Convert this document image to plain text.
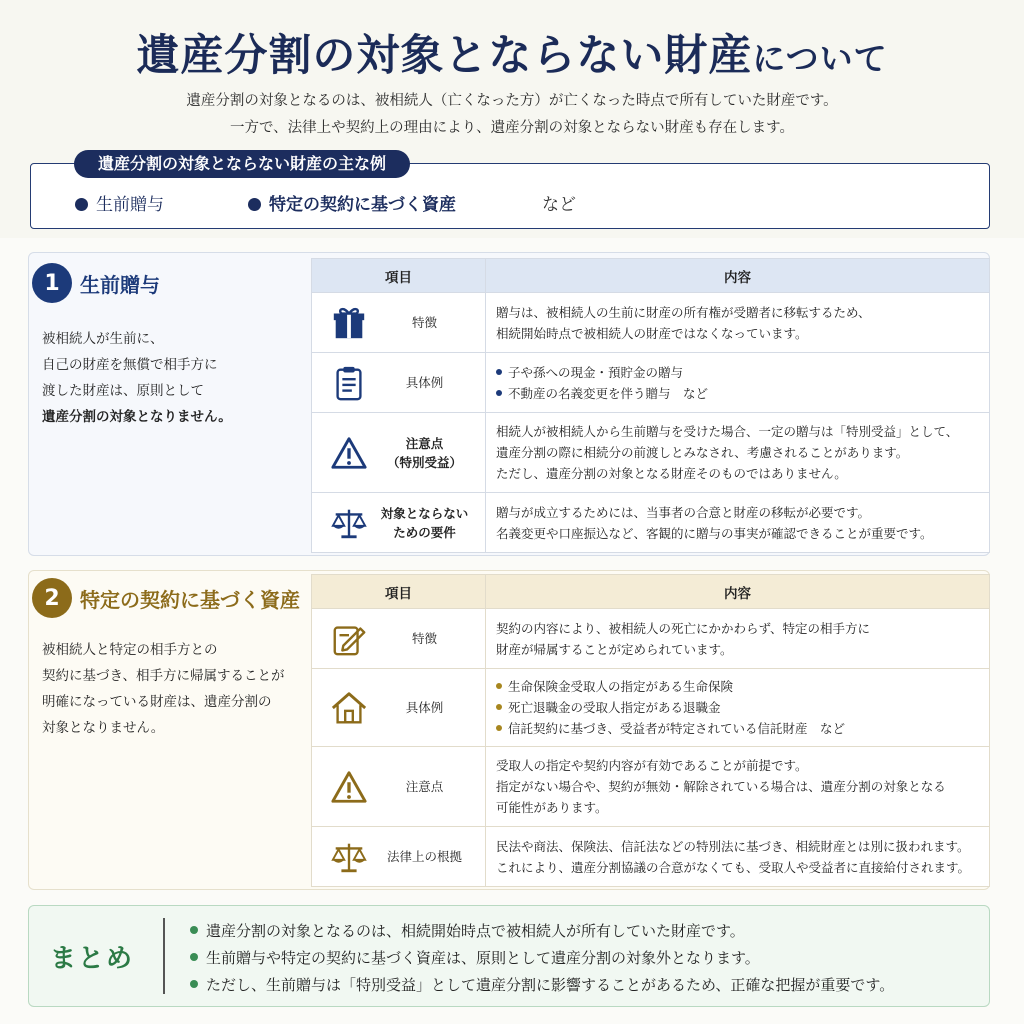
遺産分割の対象とならない財産について

遺産分割の対象となるのは、被相続人（亡くなった方）が亡くなった時点で所有していた財産です。

一方で、法律上や契約上の理由により、遺産分割の対象とならない財産も存在します。

遺産分割の対象とならない財産の主な例
生前贈与	特定の契約に基づく資産	など
1	生前贈与
被相続人が生前に、
自己の財産を無償で相手方に
渡した財産は、原則として
遺産分割の対象となりません。
項目	内容

特徴	贈与は、被相続人の生前に財産の所有権が受贈者に移転するため、
相続開始時点で被相続人の財産ではなくなっています。

具体例	子や孫への現金・預貯金の贈与
不動産の名義変更を伴う贈与　など

注意点
（特別受益）	相続人が被相続人から生前贈与を受けた場合、一定の贈与は「特別受益」として、
遺産分割の際に相続分の前渡しとみなされ、考慮されることがあります。
ただし、遺産分割の対象となる財産そのものではありません。

対象とならない
ための要件	贈与が成立するためには、当事者の合意と財産の移転が必要です。
名義変更や口座振込など、客観的に贈与の事実が確認できることが重要です。
2	特定の契約に基づく資産
被相続人と特定の相手方との
契約に基づき、相手方に帰属することが
明確になっている財産は、遺産分割の
対象となりません。
項目	内容

特徴	契約の内容により、被相続人の死亡にかかわらず、特定の相手方に
財産が帰属することが定められています。

具体例	生命保険金受取人の指定がある生命保険
死亡退職金の受取人指定がある退職金
信託契約に基づき、受益者が特定されている信託財産　など

注意点	受取人の指定や契約内容が有効であることが前提です。
指定がない場合や、契約が無効・解除されている場合は、遺産分割の対象となる
可能性があります。

法律上の根拠	民法や商法、保険法、信託法などの特別法に基づき、相続財産とは別に扱われます。
これにより、遺産分割協議の合意がなくても、受取人や受益者に直接給付されます。
まとめ
遺産分割の対象となるのは、相続開始時点で被相続人が所有していた財産です。
生前贈与や特定の契約に基づく資産は、原則として遺産分割の対象外となります。
ただし、生前贈与は「特別受益」として遺産分割に影響することがあるため、正確な把握が重要です。
